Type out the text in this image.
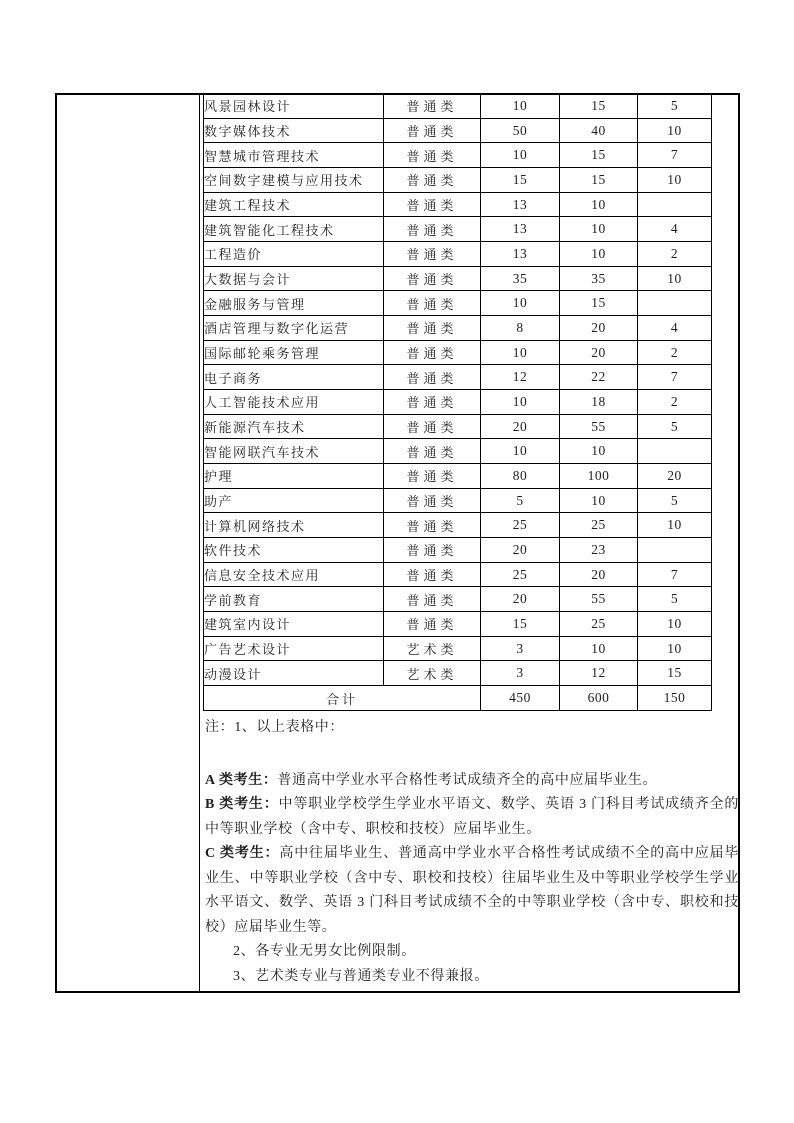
风景园林设计	普通类	10	15	5
数字媒体技术	普通类	50	40	10
智慧城市管理技术	普通类	10	15	7
空间数字建模与应用技术	普通类	15	15	10
建筑工程技术	普通类	13	10	
建筑智能化工程技术	普通类	13	10	4
工程造价	普通类	13	10	2
大数据与会计	普通类	35	35	10
金融服务与管理	普通类	10	15	
酒店管理与数字化运营	普通类	8	20	4
国际邮轮乘务管理	普通类	10	20	2
电子商务	普通类	12	22	7
人工智能技术应用	普通类	10	18	2
新能源汽车技术	普通类	20	55	5
智能网联汽车技术	普通类	10	10	
护理	普通类	80	100	20
助产	普通类	5	10	5
计算机网络技术	普通类	25	25	10
软件技术	普通类	20	23	
信息安全技术应用	普通类	25	20	7
学前教育	普通类	20	55	5
建筑室内设计	普通类	15	25	10
广告艺术设计	艺术类	3	10	10
动漫设计	艺术类	3	12	15
合计		450	600	150

注：1、以上表格中：

A 类考生：普通高中学业水平合格性考试成绩齐全的高中应届毕业生。
B 类考生：中等职业学校学生学业水平语文、数学、英语 3 门科目考试成绩齐全的
中等职业学校（含中专、职校和技校）应届毕业生。
C 类考生：高中往届毕业生、普通高中学业水平合格性考试成绩不全的高中应届毕
业生、中等职业学校（含中专、职校和技校）往届毕业生及中等职业学校学生学业
水平语文、数学、英语 3 门科目考试成绩不全的中等职业学校（含中专、职校和技
校）应届毕业生等。
2、各专业无男女比例限制。
3、艺术类专业与普通类专业不得兼报。
